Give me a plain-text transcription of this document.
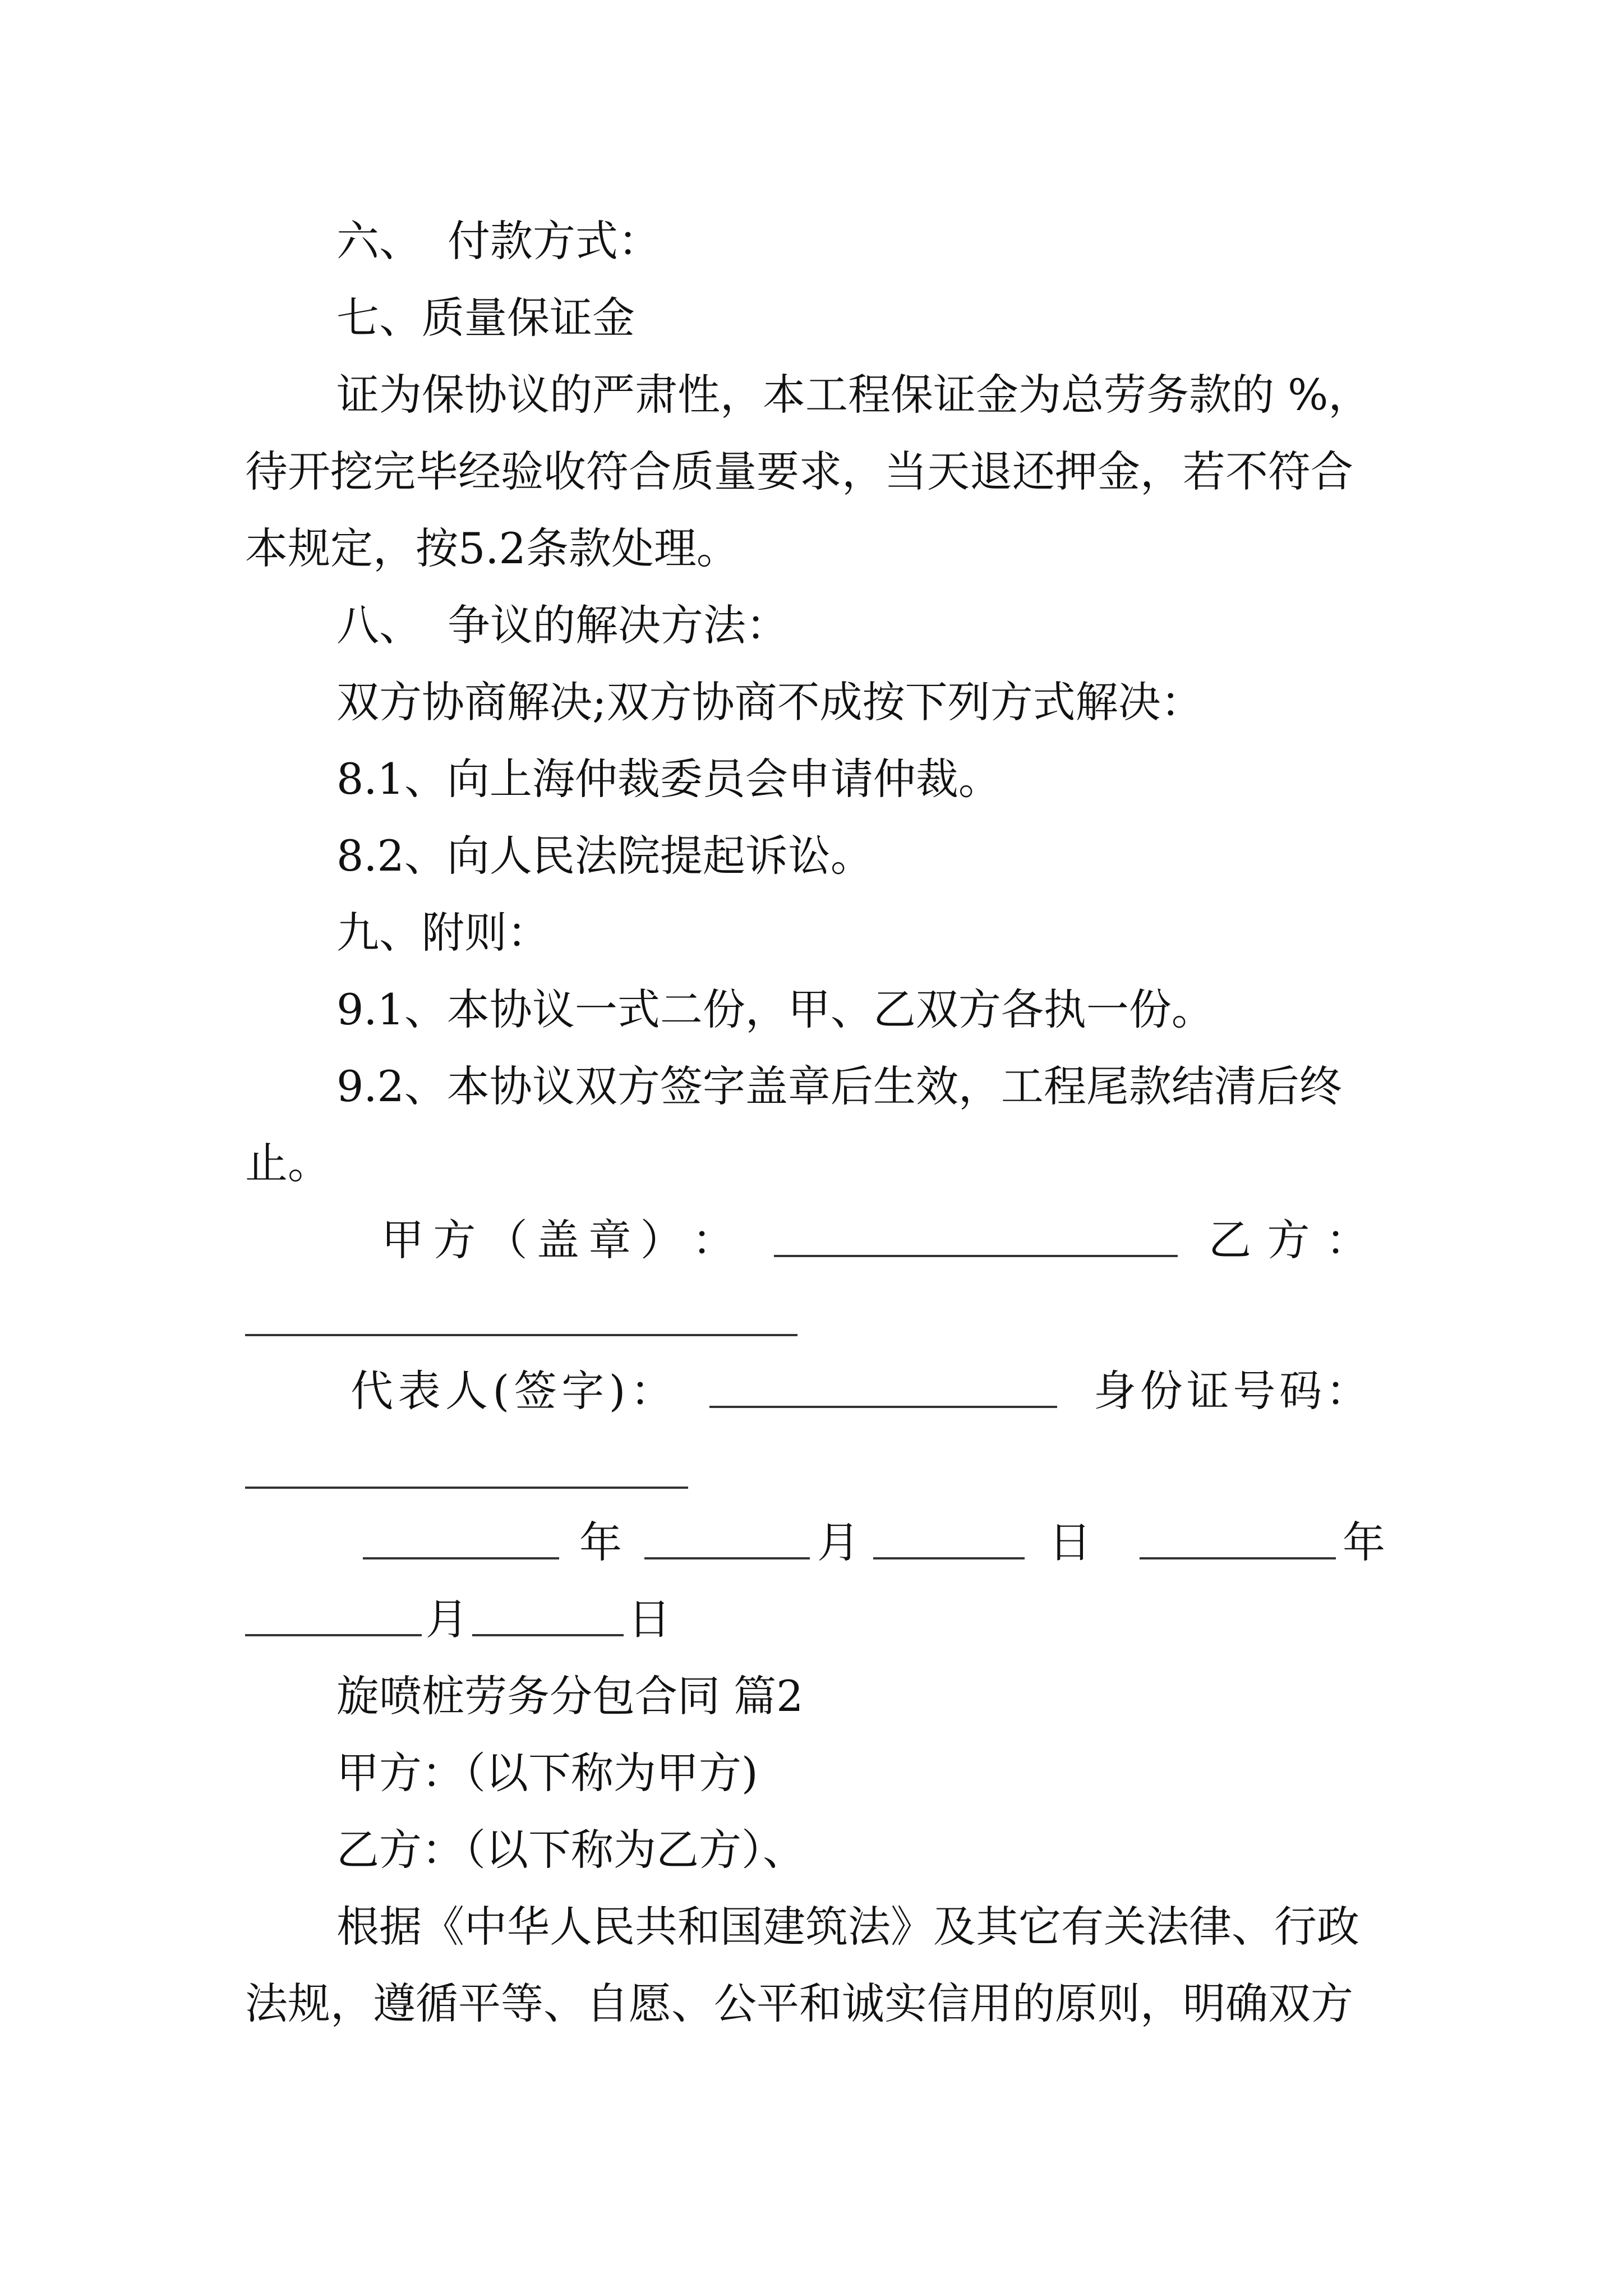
六、 付款方式：
七、质量保证金
证为保协议的严肃性，本工程保证金为总劳务款的 %，
待开挖完毕经验收符合质量要求，当天退还押金，若不符合
本规定，按5.2条款处理。
八、 争议的解决方法：
双方协商解决;双方协商不成按下列方式解决：
8.1、向上海仲裁委员会申请仲裁。
8.2、向人民法院提起诉讼。
九、附则：
9.1、本协议一式二份，甲、乙双方各执一份。
9.2、本协议双方签字盖章后生效，工程尾款结清后终
止。
甲 方 （ 盖 章 ） ：	乙 方 ：
代 表 人 ( 签 字 ) ：	身 份 证 号 码 ：
年	月	日	年
月	日
旋喷桩劳务分包合同 篇2
甲方：（以下称为甲方)
乙方：（以下称为乙方）、
根据《中华人民共和国建筑法》及其它有关法律、行政
法规，遵循平等、自愿、公平和诚实信用的原则，明确双方
